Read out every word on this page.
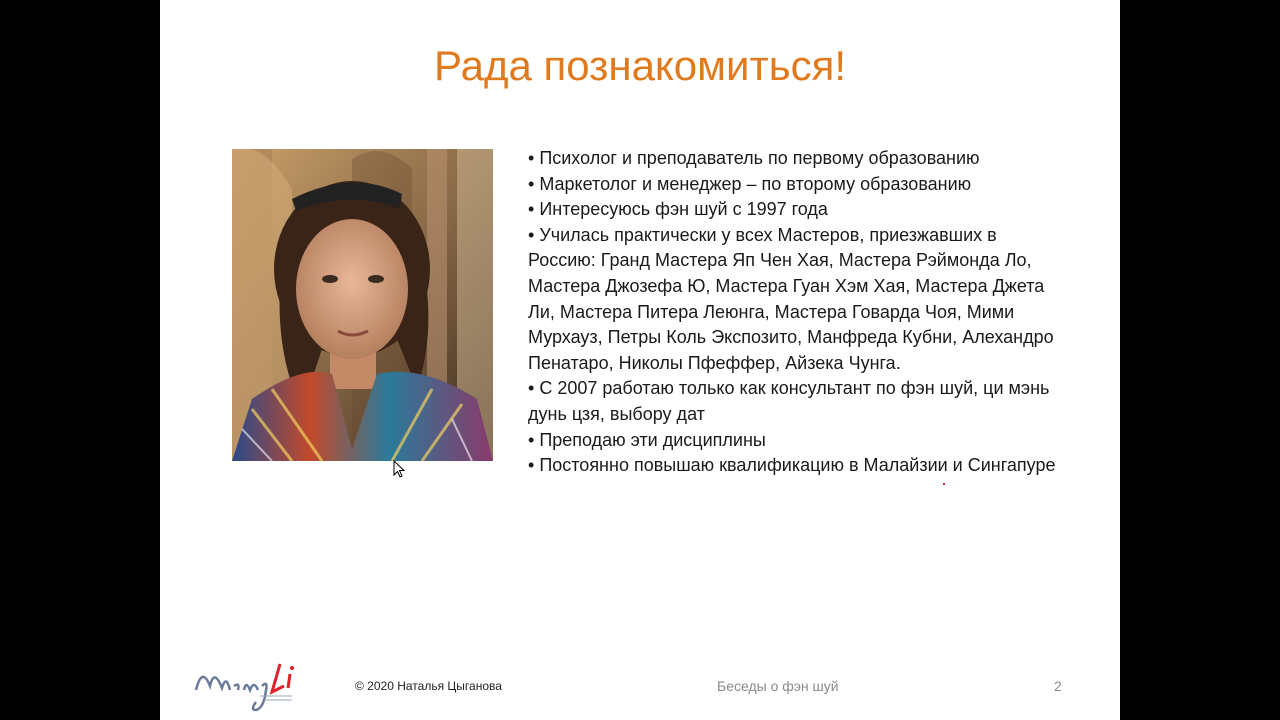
Рада познакомиться!
• Психолог и преподаватель по первому образованию
• Маркетолог и менеджер – по второму образованию
• Интересуюсь фэн шуй с 1997 года
• Училась практически у всех Мастеров, приезжавших в Россию: Гранд Мастера Яп Чен Хая, Мастера Рэймонда Ло, Мастера Джозефа Ю, Мастера Гуан Хэм Хая, Мастера Джета Ли, Мастера Питера Леюнга, Мастера Говарда Чоя, Мими Мурхауз, Петры Коль Экспозито, Манфреда Кубни, Алехандро Пенатаро, Николы Пфеффер, Айзека Чунга.
• С 2007 работаю только как консультант по фэн шуй, ци мэнь дунь цзя, выбору дат
• Преподаю эти дисциплины
• Постоянно повышаю квалификацию в Малайзии и Сингапуре
© 2020 Наталья Цыганова	Беседы о фэн шуй	2
